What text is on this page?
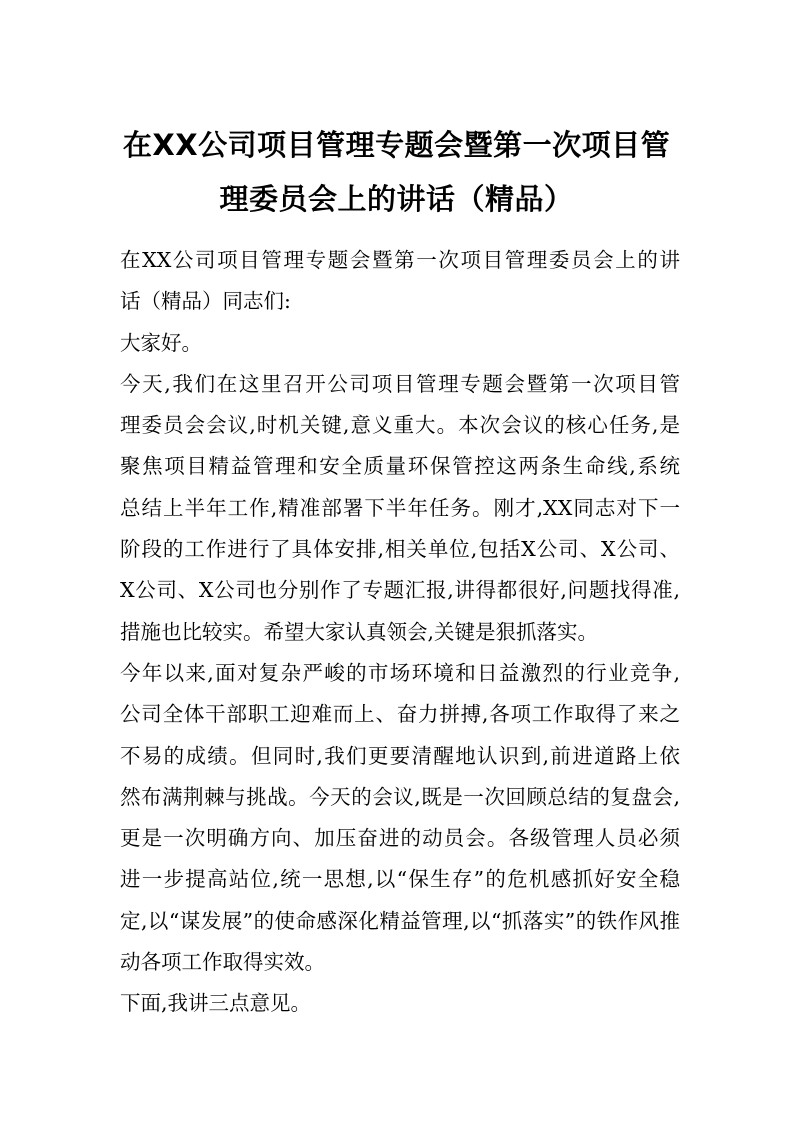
在XX公司项目管理专题会暨第一次项目管
理委员会上的讲话（精品）
在XX公司项目管理专题会暨第一次项目管理委员会上的讲
话（精品）同志们:
大家好。
今天,我们在这里召开公司项目管理专题会暨第一次项目管
理委员会会议,时机关键,意义重大。本次会议的核心任务,是
聚焦项目精益管理和安全质量环保管控这两条生命线,系统
总结上半年工作,精准部署下半年任务。刚才,XX同志对下一
阶段的工作进行了具体安排,相关单位,包括X公司、X公司、
X公司、X公司也分别作了专题汇报,讲得都很好,问题找得准,
措施也比较实。希望大家认真领会,关键是狠抓落实。
今年以来,面对复杂严峻的市场环境和日益激烈的行业竞争,
公司全体干部职工迎难而上、奋力拼搏,各项工作取得了来之
不易的成绩。但同时,我们更要清醒地认识到,前进道路上依
然布满荆棘与挑战。今天的会议,既是一次回顾总结的复盘会,
更是一次明确方向、加压奋进的动员会。各级管理人员必须
进一步提高站位,统一思想,以“保生存”的危机感抓好安全稳
定,以“谋发展”的使命感深化精益管理,以“抓落实”的铁作风推
动各项工作取得实效。
下面,我讲三点意见。
